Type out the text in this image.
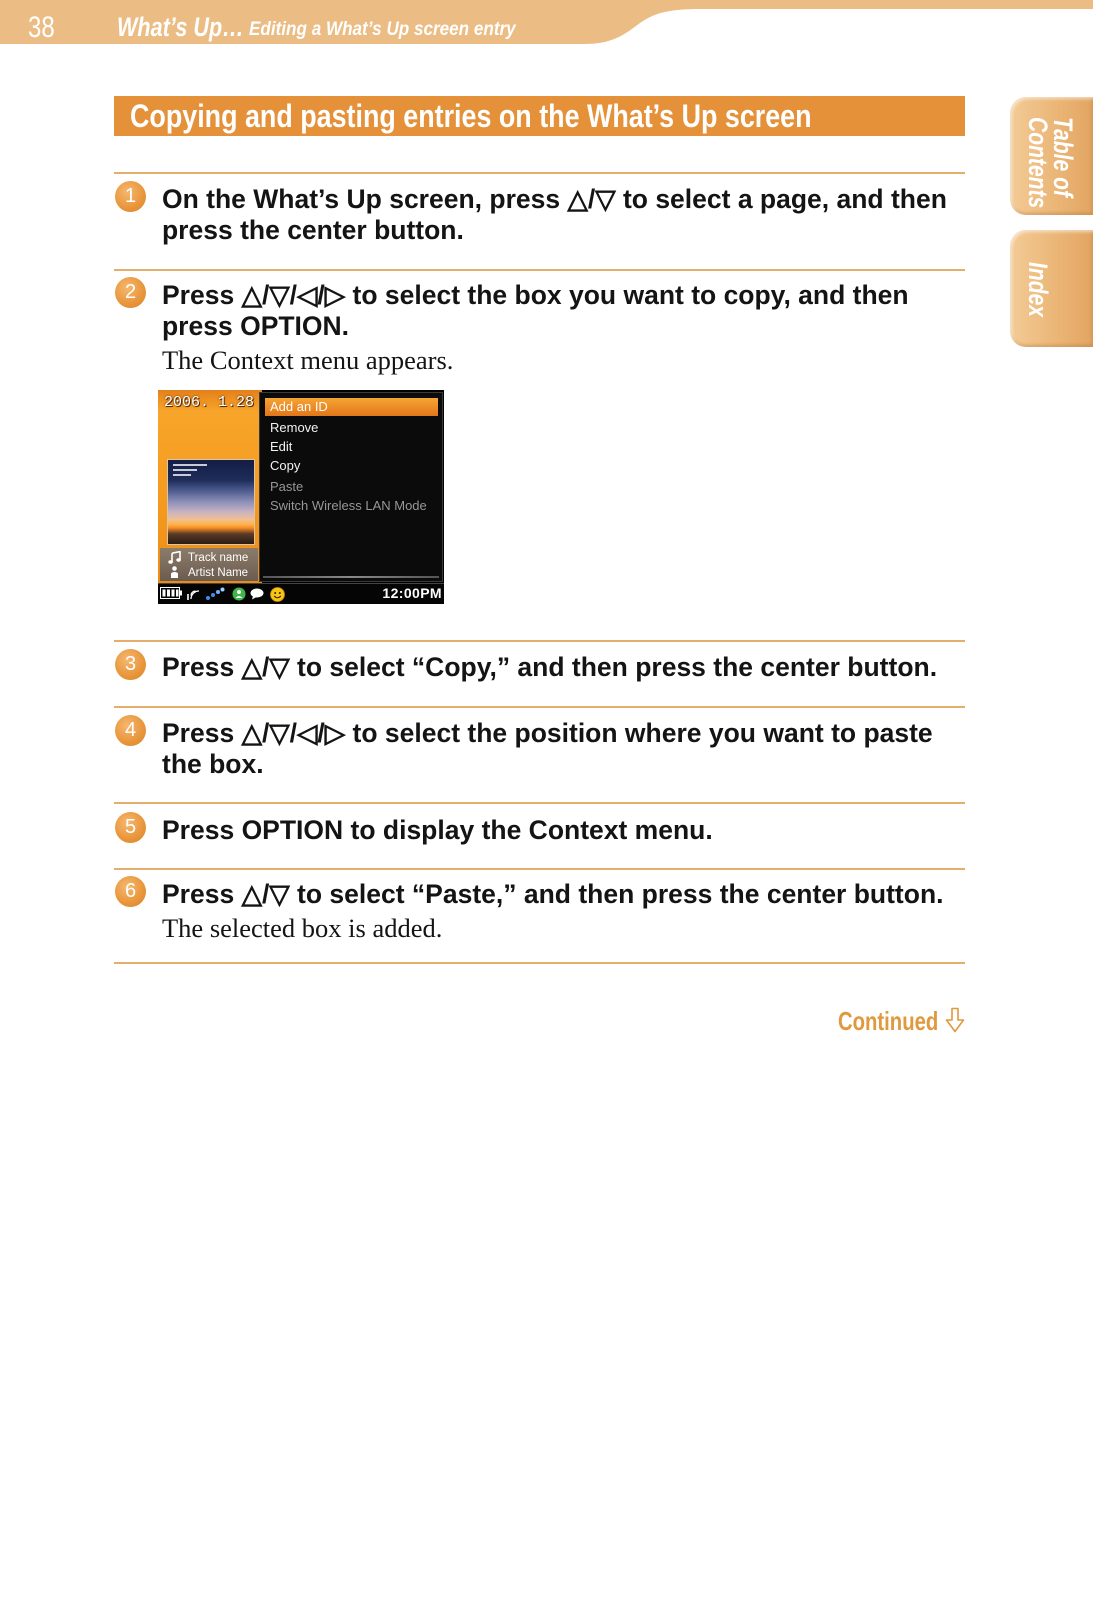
38 What’s Up… Editing a What’s Up screen entry
Table of
Contents
Index
Copying and pasting entries on the What’s Up screen
1 On the What’s Up screen, press △/▽ to select a page, and then press the center button.
2 Press △/▽/◁/▷ to select the box you want to copy, and then press OPTION.
The Context menu appears.
2006. 1.28
Track name
Artist Name
Add an ID
Remove
Edit
Copy
Paste
Switch Wireless LAN Mode
12:00PM
3 Press △/▽ to select “Copy,” and then press the center button.
4 Press △/▽/◁/▷ to select the position where you want to paste the box.
5 Press OPTION to display the Context menu.
6 Press △/▽ to select “Paste,” and then press the center button.
The selected box is added.
Continued
